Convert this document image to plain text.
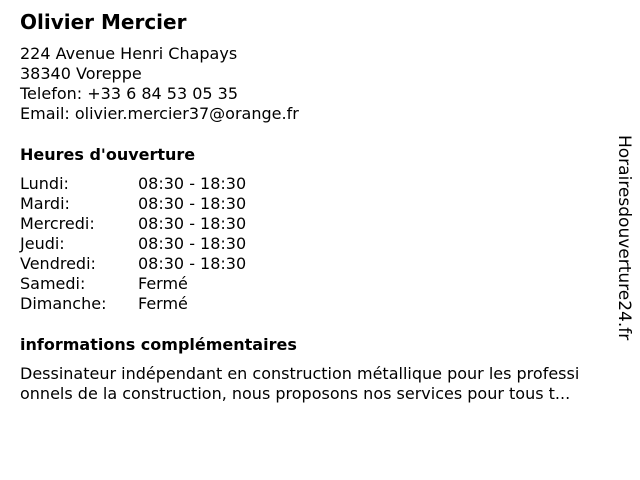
Olivier Mercier
224 Avenue Henri Chapays
38340 Voreppe
Telefon: +33 6 84 53 05 35
Email: olivier.mercier37@orange.fr
Heures d'ouverture
Lundi:	08:30 - 18:30
Mardi:	08:30 - 18:30
Mercredi:	08:30 - 18:30
Jeudi:	08:30 - 18:30
Vendredi:	08:30 - 18:30
Samedi:	Fermé
Dimanche: Fermé
informations complémentaires
Dessinateur indépendant en construction métallique pour les professi
onnels de la construction, nous proposons nos services pour tous t...
Horairesdouverture24.fr
